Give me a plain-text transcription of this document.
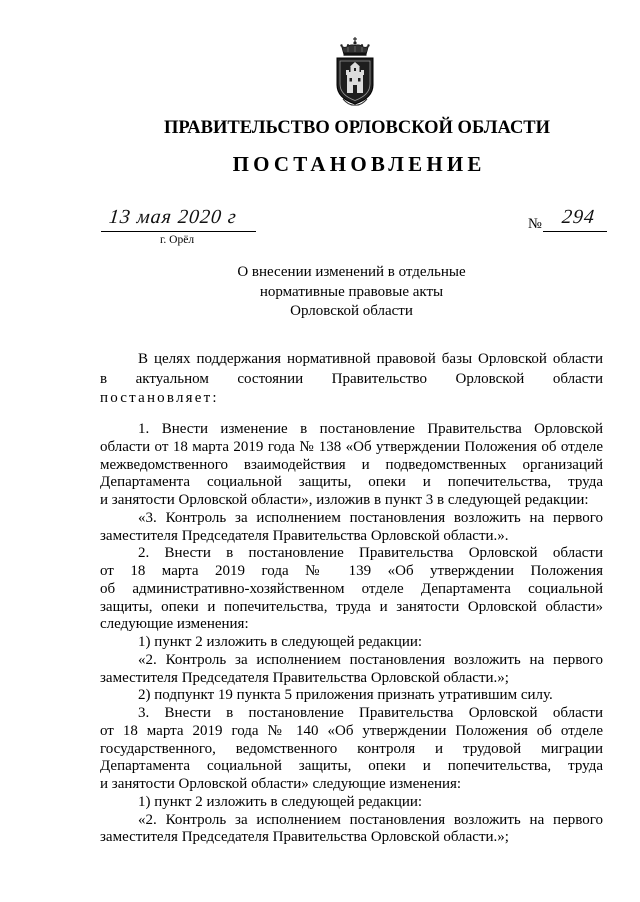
ПРАВИТЕЛЬСТВО ОРЛОВСКОЙ ОБЛАСТИ
ПОСТАНОВЛЕНИЕ
13 мая 2020 г
г. Орёл
№ 294
О внесении изменений в отдельные
нормативные правовые акты
Орловской области
В целях поддержания нормативной правовой базы Орловской области
в актуальном состоянии Правительство Орловской области
постановляет:
1. Внести изменение в постановление Правительства Орловской
области от 18 марта 2019 года № 138 «Об утверждении Положения об отделе
межведомственного взаимодействия и подведомственных организаций
Департамента социальной защиты, опеки и попечительства, труда
и занятости Орловской области», изложив в пункт 3 в следующей редакции:
«3. Контроль за исполнением постановления возложить на первого
заместителя Председателя Правительства Орловской области.».
2. Внести в постановление Правительства Орловской области
от 18 марта 2019 года № 139 «Об утверждении Положения
об административно-хозяйственном отделе Департамента социальной
защиты, опеки и попечительства, труда и занятости Орловской области»
следующие изменения:
1) пункт 2 изложить в следующей редакции:
«2. Контроль за исполнением постановления возложить на первого
заместителя Председателя Правительства Орловской области.»;
2) подпункт 19 пункта 5 приложения признать утратившим силу.
3. Внести в постановление Правительства Орловской области
от 18 марта 2019 года № 140 «Об утверждении Положения об отделе
государственного, ведомственного контроля и трудовой миграции
Департамента социальной защиты, опеки и попечительства, труда
и занятости Орловской области» следующие изменения:
1) пункт 2 изложить в следующей редакции:
«2. Контроль за исполнением постановления возложить на первого
заместителя Председателя Правительства Орловской области.»;
